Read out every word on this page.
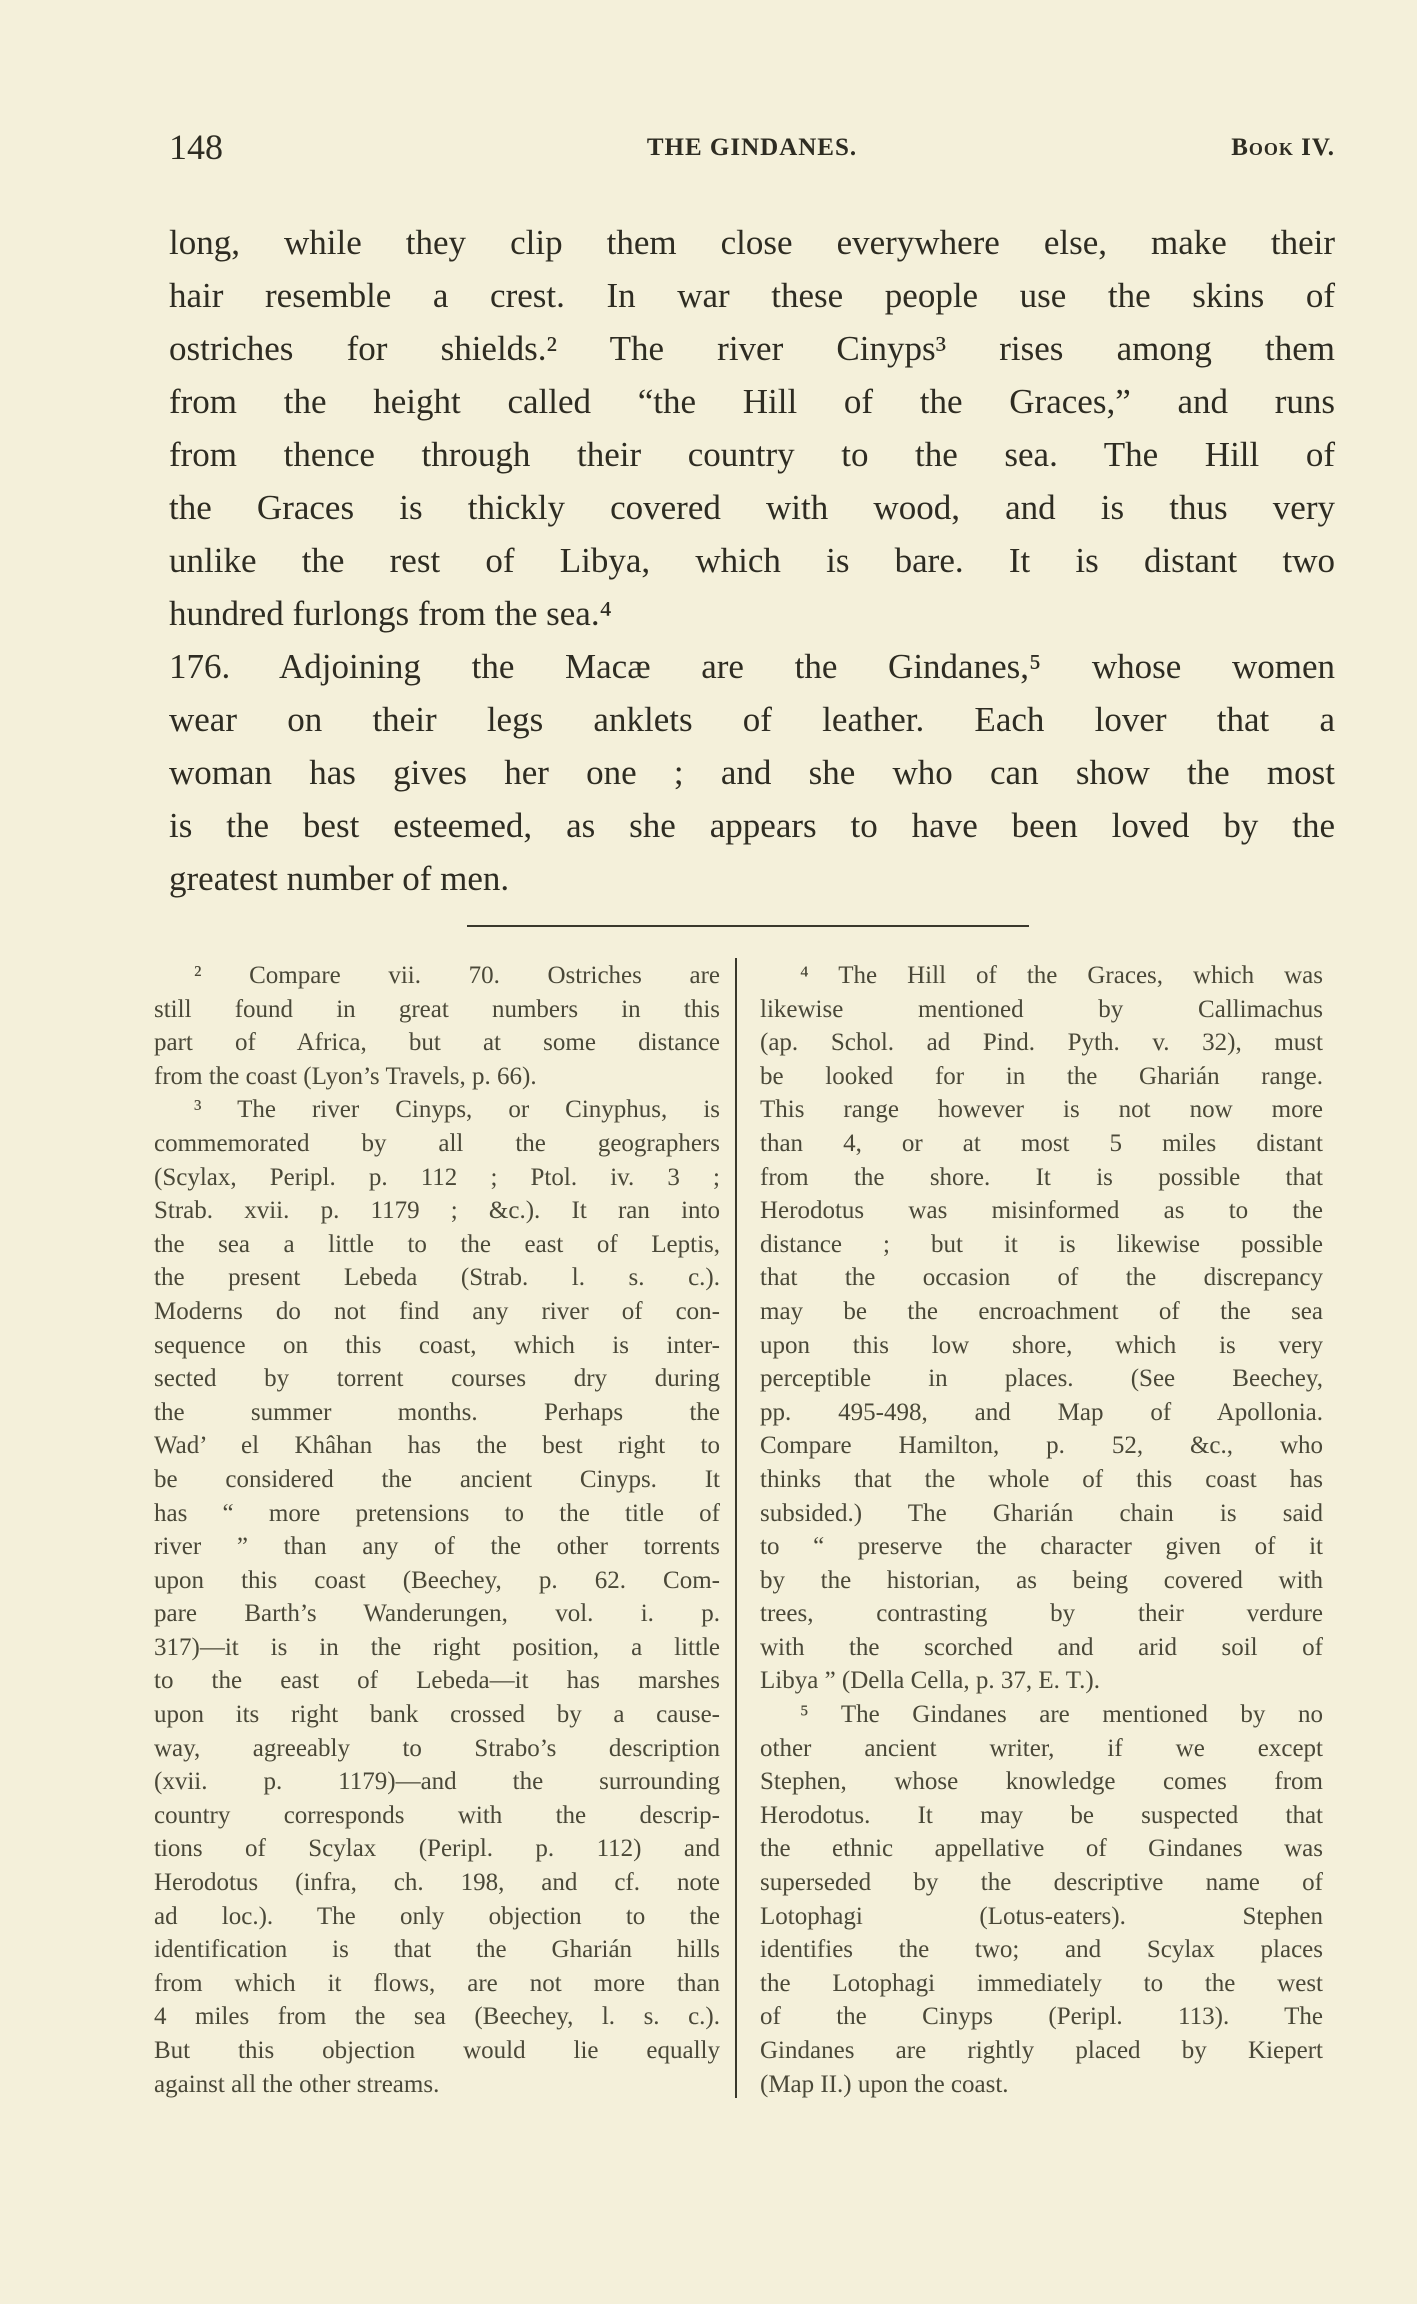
148	THE GINDANES.	Book IV.
long, while they clip them close everywhere else, make their
hair resemble a crest. In war these people use the skins of
ostriches for shields.² The river Cinyps³ rises among them
from the height called “the Hill of the Graces,” and runs
from thence through their country to the sea. The Hill of
the Graces is thickly covered with wood, and is thus very
unlike the rest of Libya, which is bare. It is distant two
hundred furlongs from the sea.⁴
176. Adjoining the Macæ are the Gindanes,⁵ whose women
wear on their legs anklets of leather. Each lover that a
woman has gives her one ; and she who can show the most
is the best esteemed, as she appears to have been loved by the
greatest number of men.
² Compare vii. 70. Ostriches are
still found in great numbers in this
part of Africa, but at some distance
from the coast (Lyon’s Travels, p. 66).
³ The river Cinyps, or Cinyphus, is
commemorated by all the geographers
(Scylax, Peripl. p. 112 ; Ptol. iv. 3 ;
Strab. xvii. p. 1179 ; &c.). It ran into
the sea a little to the east of Leptis,
the present Lebeda (Strab. l. s. c.).
Moderns do not find any river of con-
sequence on this coast, which is inter-
sected by torrent courses dry during
the summer months. Perhaps the
Wad’ el Khâhan has the best right to
be considered the ancient Cinyps. It
has “ more pretensions to the title of
river ” than any of the other torrents
upon this coast (Beechey, p. 62. Com-
pare Barth’s Wanderungen, vol. i. p.
317)—it is in the right position, a little
to the east of Lebeda—it has marshes
upon its right bank crossed by a cause-
way, agreeably to Strabo’s description
(xvii. p. 1179)—and the surrounding
country corresponds with the descrip-
tions of Scylax (Peripl. p. 112) and
Herodotus (infra, ch. 198, and cf. note
ad loc.). The only objection to the
identification is that the Gharián hills
from which it flows, are not more than
4 miles from the sea (Beechey, l. s. c.).
But this objection would lie equally
against all the other streams.
⁴ The Hill of the Graces, which was
likewise mentioned by Callimachus
(ap. Schol. ad Pind. Pyth. v. 32), must
be looked for in the Gharián range.
This range however is not now more
than 4, or at most 5 miles distant
from the shore. It is possible that
Herodotus was misinformed as to the
distance ; but it is likewise possible
that the occasion of the discrepancy
may be the encroachment of the sea
upon this low shore, which is very
perceptible in places. (See Beechey,
pp. 495-498, and Map of Apollonia.
Compare Hamilton, p. 52, &c., who
thinks that the whole of this coast has
subsided.) The Gharián chain is said
to “ preserve the character given of it
by the historian, as being covered with
trees, contrasting by their verdure
with the scorched and arid soil of
Libya ” (Della Cella, p. 37, E. T.).
⁵ The Gindanes are mentioned by no
other ancient writer, if we except
Stephen, whose knowledge comes from
Herodotus. It may be suspected that
the ethnic appellative of Gindanes was
superseded by the descriptive name of
Lotophagi (Lotus-eaters). Stephen
identifies the two; and Scylax places
the Lotophagi immediately to the west
of the Cinyps (Peripl. 113). The
Gindanes are rightly placed by Kiepert
(Map II.) upon the coast.
